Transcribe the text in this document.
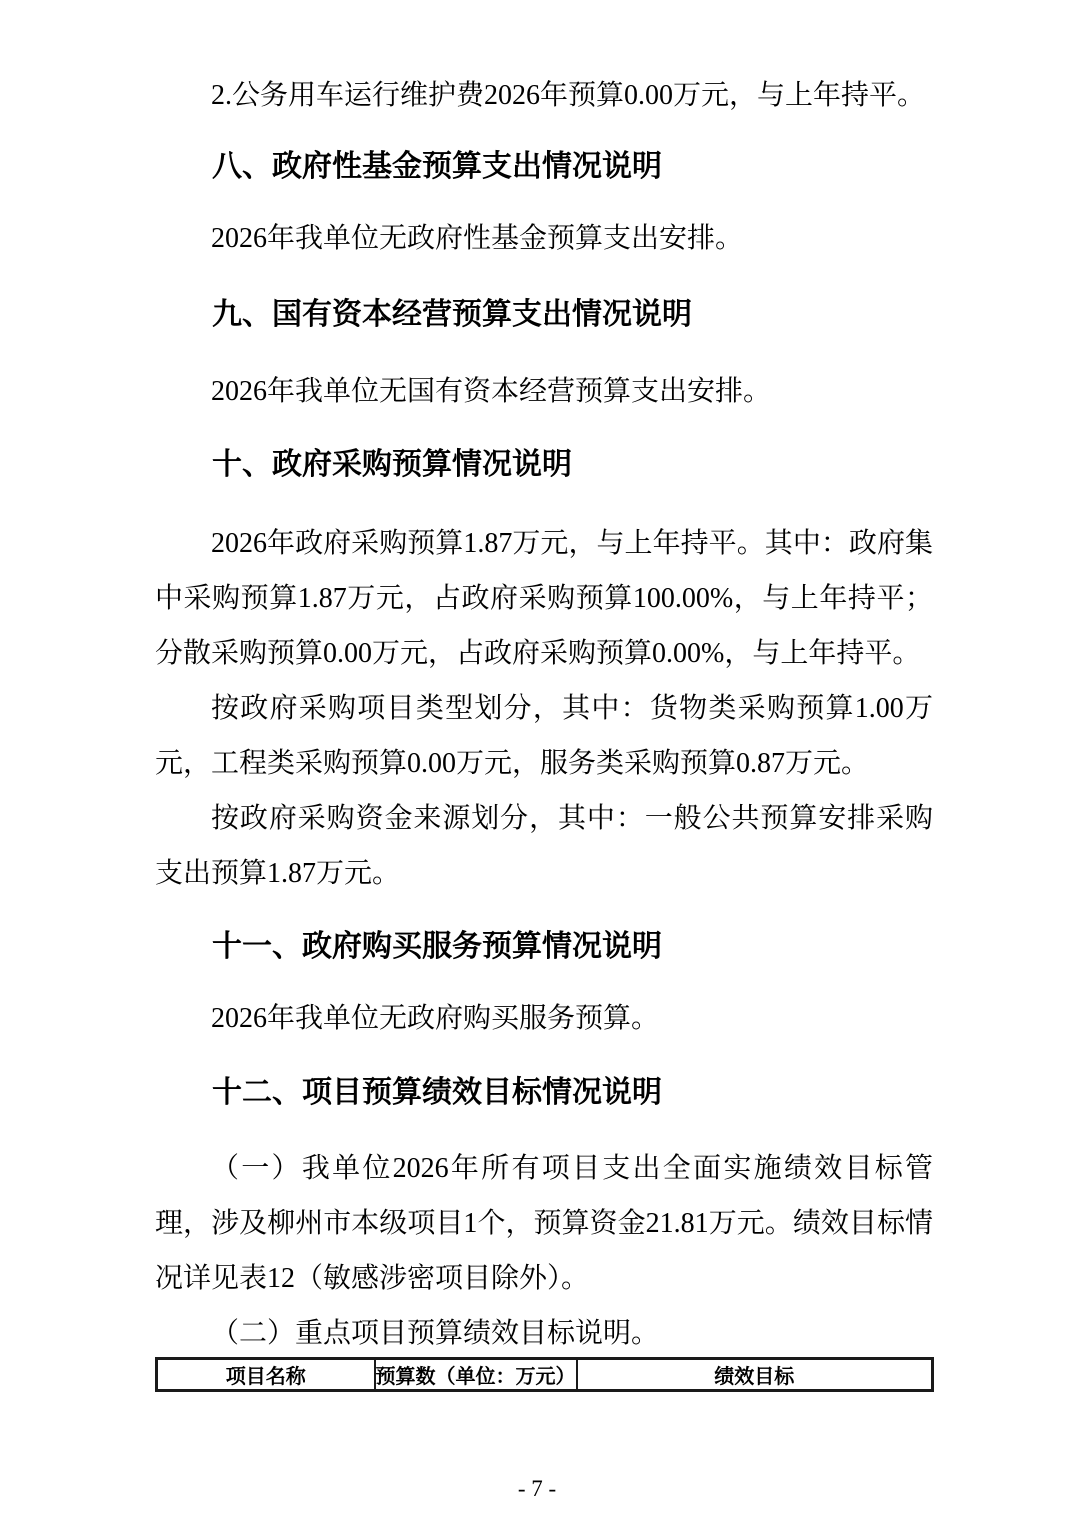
2.公务用车运行维护费2026年预算0.00万元，与上年持平。
八、政府性基金预算支出情况说明
2026年我单位无政府性基金预算支出安排。
九、国有资本经营预算支出情况说明
2026年我单位无国有资本经营预算支出安排。
十、政府采购预算情况说明

2026年政府采购预算1.87万元，与上年持平。其中：政府集中采购预算1.87万元，占政府采购预算100.00%，与上年持平；分散采购预算0.00万元，占政府采购预算0.00%，与上年持平。

按政府采购项目类型划分，其中：货物类采购预算1.00万元，工程类采购预算0.00万元，服务类采购预算0.87万元。

按政府采购资金来源划分，其中：一般公共预算安排采购支出预算1.87万元。

十一、政府购买服务预算情况说明
2026年我单位无政府购买服务预算。
十二、项目预算绩效目标情况说明

（一）我单位2026年所有项目支出全面实施绩效目标管理，涉及柳州市本级项目1个，预算资金21.81万元。绩效目标情况详见表12（敏感涉密项目除外）。

（二）重点项目预算绩效目标说明。

项目名称	预算数（单位：万元）	绩效目标
- 7 -
